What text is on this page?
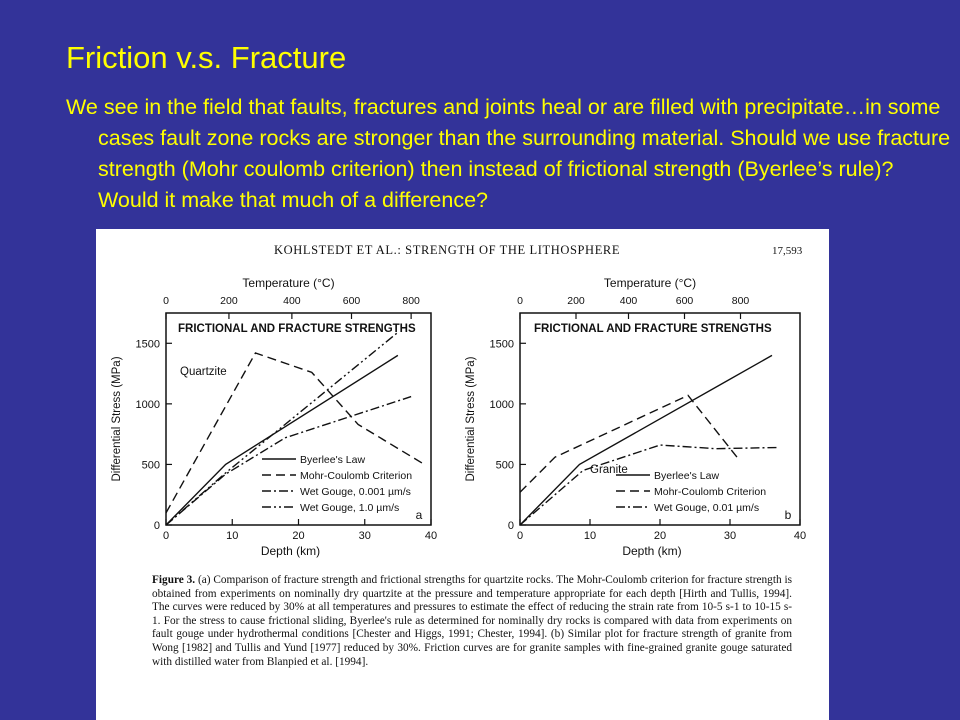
Friction v.s. Fracture
We see in the field that faults, fractures and joints heal or are filled with precipitate…in some cases fault zone rocks are stronger than the surrounding material. Should we use fracture strength (Mohr coulomb criterion) then instead of frictional strength (Byerlee’s rule)? Would it make that much of a difference?
KOHLSTEDT ET AL.: STRENGTH OF THE LITHOSPHERE	17,593
0	10	20	30	40
0
500
1000
1500
0	200	400	600	800
Temperature (°C)
Depth (km)
Differential Stress (MPa)
FRICTIONAL AND FRACTURE STRENGTHS
Quartzite
Byerlee's Law
Mohr-Coulomb Criterion
Wet Gouge, 0.001 µm/s
Wet Gouge, 1.0 µm/s a
0	10	20	30	40
0
500
1000
1500
0	200	400	600	800
Temperature (°C)
Depth (km)
Differential Stress (MPa)
FRICTIONAL AND FRACTURE STRENGTHS
Granite	Byerlee's Law
Mohr-Coulomb Criterion
Wet Gouge, 0.01 µm/s b
Figure 3. (a) Comparison of fracture strength and frictional strengths for quartzite rocks. The Mohr-Coulomb criterion for fracture strength is obtained from experiments on nominally dry quartzite at the pressure and temperature appropriate for each depth [Hirth and Tullis, 1994]. The curves were reduced by 30% at all temperatures and pressures to estimate the effect of reducing the strain rate from 10-5 s-1 to 10-15 s-1. For the stress to cause frictional sliding, Byerlee's rule as determined for nominally dry rocks is compared with data from experiments on fault gouge under hydrothermal conditions [Chester and Higgs, 1991; Chester, 1994]. (b) Similar plot for fracture strength of granite from Wong [1982] and Tullis and Yund [1977] reduced by 30%. Friction curves are for granite samples with fine-grained granite gouge saturated with distilled water from Blanpied et al. [1994].
